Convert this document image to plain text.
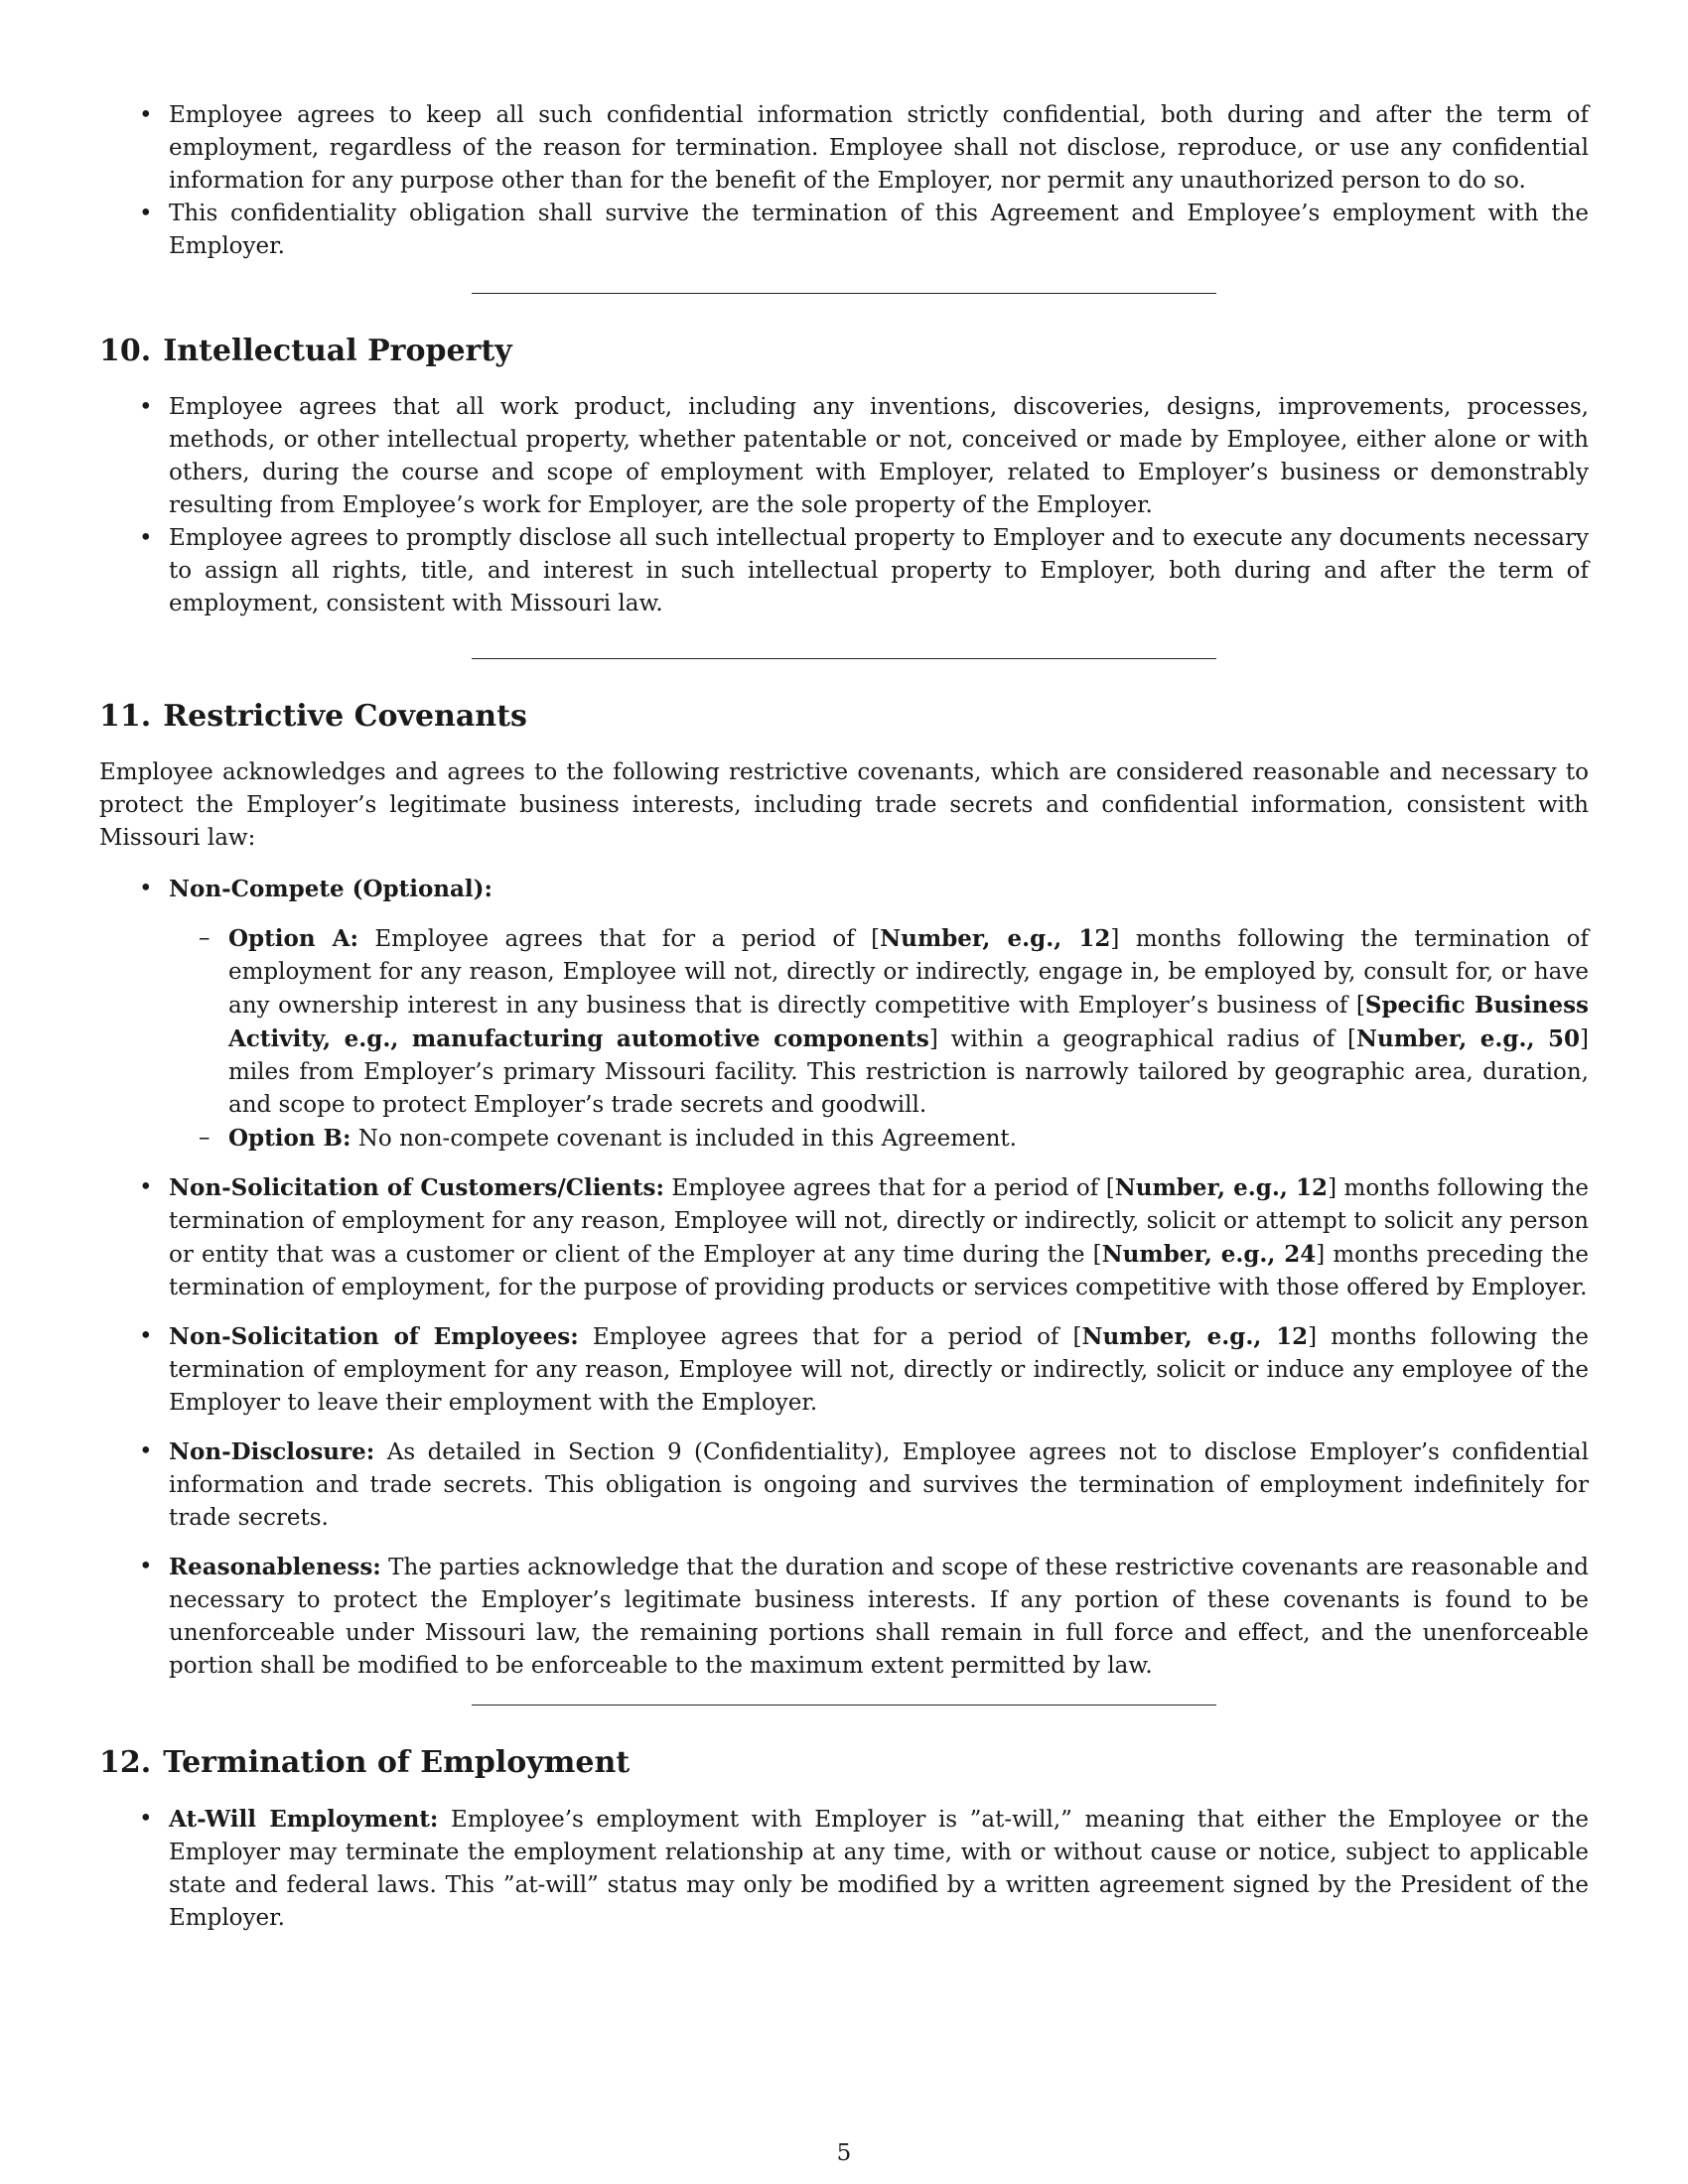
• Employee agrees to keep all such confidential information strictly confidential, both during and after the term of employment, regardless of the reason for termination. Employee shall not disclose, reproduce, or use any confidential information for any purpose other than for the benefit of the Employer, nor permit any unauthorized person to do so.
• This confidentiality obligation shall survive the termination of this Agreement and Employee’s employment with the Employer.
10. Intellectual Property
• Employee agrees that all work product, including any inventions, discoveries, designs, improvements, processes, methods, or other intellectual property, whether patentable or not, conceived or made by Employee, either alone or with others, during the course and scope of employment with Employer, related to Employer’s business or demonstrably resulting from Employee’s work for Employer, are the sole property of the Employer.
• Employee agrees to promptly disclose all such intellectual property to Employer and to execute any documents necessary to assign all rights, title, and interest in such intellectual property to Employer, both during and after the term of employment, consistent with Missouri law.
11. Restrictive Covenants

Employee acknowledges and agrees to the following restrictive covenants, which are considered reasonable and necessary to protect the Employer’s legitimate business interests, including trade secrets and confidential information, consistent with Missouri law:

• Non-Compete (Optional):
– Option A: Employee agrees that for a period of [Number, e.g., 12] months following the termination of employment for any reason, Employee will not, directly or indirectly, engage in, be employed by, consult for, or have any ownership interest in any business that is directly competitive with Employer’s business of [Specific Business Activity, e.g., manufacturing automotive components] within a geographical radius of [Number, e.g., 50] miles from Employer’s primary Missouri facility. This restriction is narrowly tailored by geographic area, duration, and scope to protect Employer’s trade secrets and goodwill.
– Option B: No non-compete covenant is included in this Agreement.
• Non-Solicitation of Customers/Clients: Employee agrees that for a period of [Number, e.g., 12] months following the termination of employment for any reason, Employee will not, directly or indirectly, solicit or attempt to solicit any person or entity that was a customer or client of the Employer at any time during the [Number, e.g., 24] months preceding the termination of employment, for the purpose of providing products or services competitive with those offered by Employer.
• Non-Solicitation of Employees: Employee agrees that for a period of [Number, e.g., 12] months following the termination of employment for any reason, Employee will not, directly or indirectly, solicit or induce any employee of the Employer to leave their employment with the Employer.
• Non-Disclosure: As detailed in Section 9 (Confidentiality), Employee agrees not to disclose Employer’s confidential information and trade secrets. This obligation is ongoing and survives the termination of employment indefinitely for trade secrets.
• Reasonableness: The parties acknowledge that the duration and scope of these restrictive covenants are reasonable and necessary to protect the Employer’s legitimate business interests. If any portion of these covenants is found to be unenforceable under Missouri law, the remaining portions shall remain in full force and effect, and the unenforceable portion shall be modified to be enforceable to the maximum extent permitted by law.
12. Termination of Employment
• At-Will Employment: Employee’s employment with Employer is ”at-will,” meaning that either the Employee or the Employer may terminate the employment relationship at any time, with or without cause or notice, subject to applicable state and federal laws. This ”at-will” status may only be modified by a written agreement signed by the President of the Employer.
5
